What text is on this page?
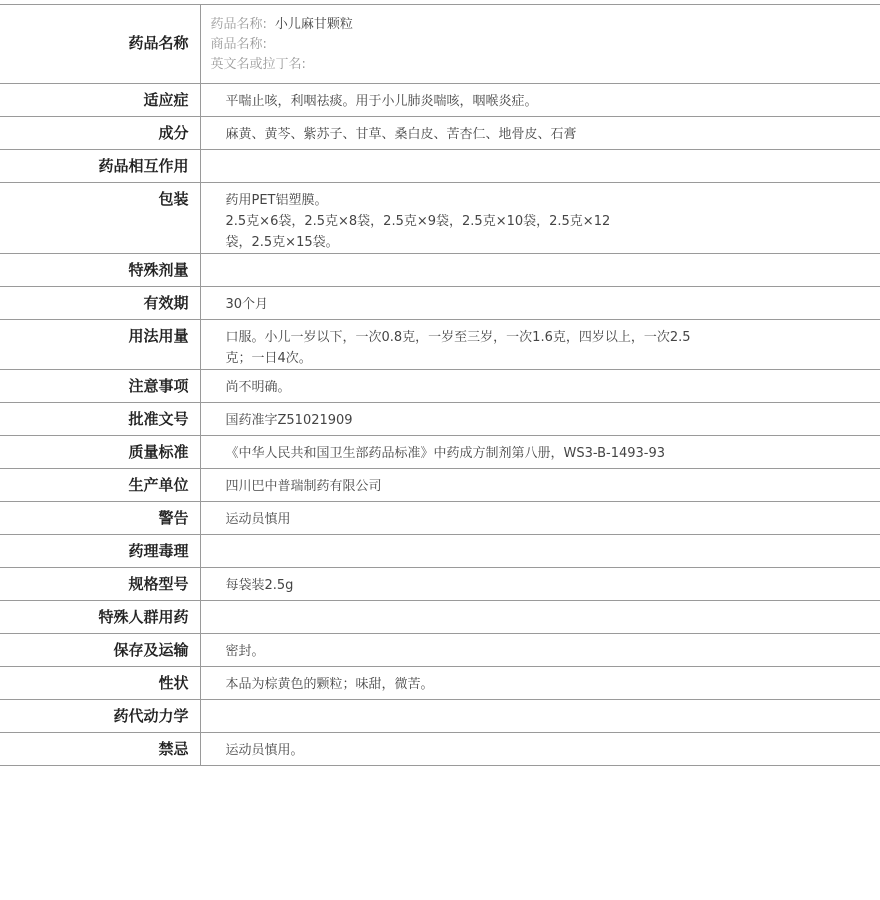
药品名称	药品名称: 小儿麻甘颗粒
商品名称:
英文名或拉丁名:

适应症	平喘止咳，利咽祛痰。用于小儿肺炎喘咳，咽喉炎症。

成分	麻黄、黄芩、紫苏子、甘草、桑白皮、苦杏仁、地骨皮、石膏

药品相互作用	
包装	药用PET铝塑膜。
2.5克×6袋，2.5克×8袋，2.5克×9袋，2.5克×10袋，2.5克×12
袋，2.5克×15袋。

特殊剂量	
有效期	30个月

用法用量	口服。小儿一岁以下，一次0.8克，一岁至三岁，一次1.6克，四岁以上，一次2.5
克；一日4次。

注意事项	尚不明确。

批准文号	国药准字Z51021909

质量标准	《中华人民共和国卫生部药品标准》中药成方制剂第八册，WS3-B-1493-93

生产单位	四川巴中普瑞制药有限公司

警告	运动员慎用

药理毒理	
规格型号	每袋装2.5g

特殊人群用药	
保存及运输	密封。

性状	本品为棕黄色的颗粒；味甜，微苦。

药代动力学	
禁忌	运动员慎用。
